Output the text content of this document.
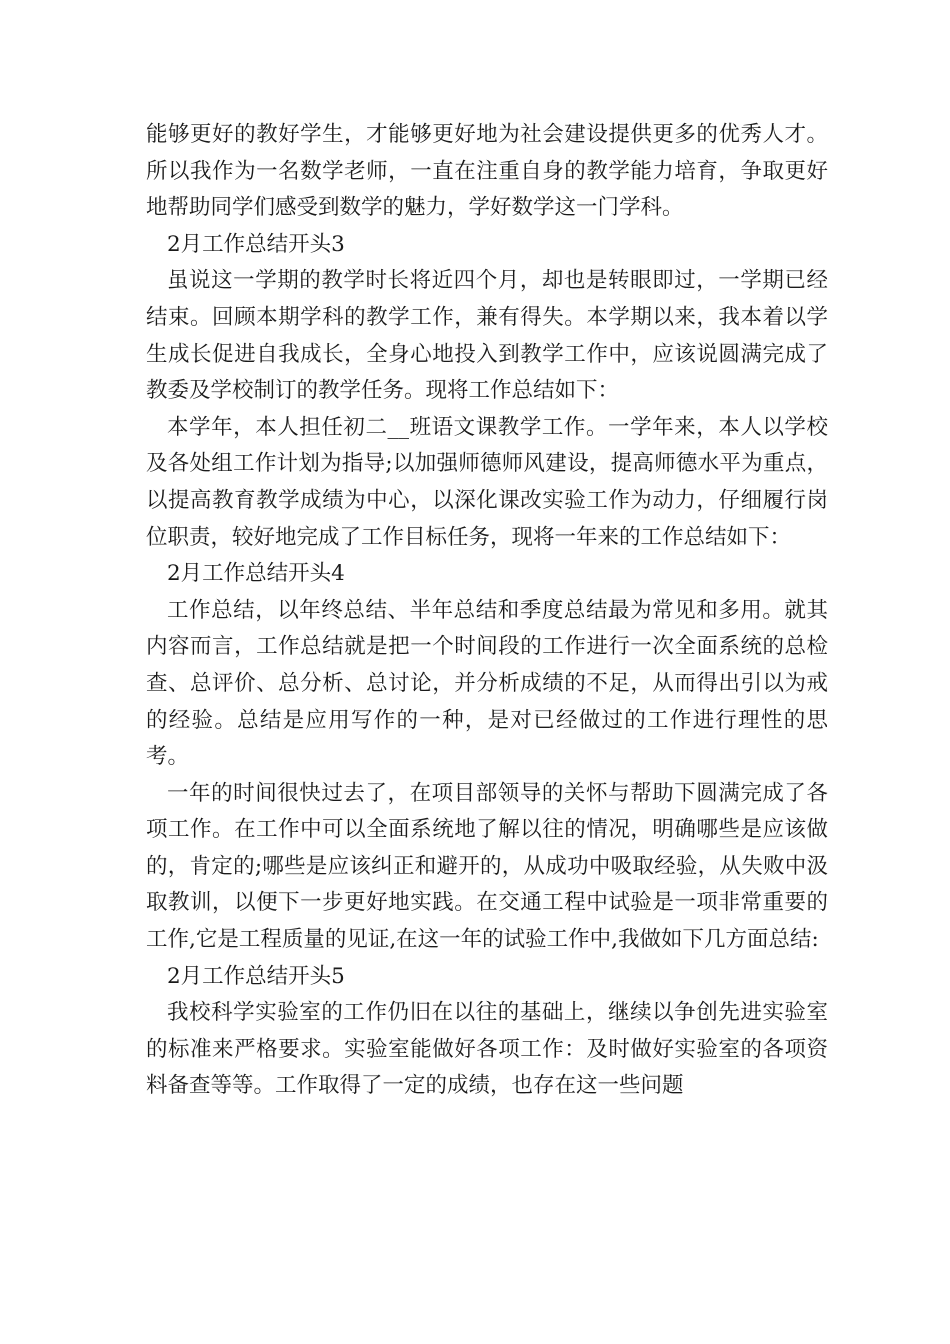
能够更好的教好学生，才能够更好地为社会建设提供更多的优秀人才。所以我作为一名数学老师，一直在注重自身的教学能力培育，争取更好地帮助同学们感受到数学的魅力，学好数学这一门学科。

2月工作总结开头3

虽说这一学期的教学时长将近四个月，却也是转眼即过，一学期已经结束。回顾本期学科的教学工作，兼有得失。本学期以来，我本着以学生成长促进自我成长，全身心地投入到教学工作中，应该说圆满完成了教委及学校制订的教学任务。现将工作总结如下：

本学年，本人担任初二__班语文课教学工作。一学年来，本人以学校及各处组工作计划为指导;以加强师德师风建设，提高师德水平为重点，以提高教育教学成绩为中心，以深化课改实验工作为动力，仔细履行岗位职责，较好地完成了工作目标任务，现将一年来的工作总结如下：

2月工作总结开头4

工作总结，以年终总结、半年总结和季度总结最为常见和多用。就其内容而言，工作总结就是把一个时间段的工作进行一次全面系统的总检查、总评价、总分析、总讨论，并分析成绩的不足，从而得出引以为戒的经验。总结是应用写作的一种，是对已经做过的工作进行理性的思考。

一年的时间很快过去了，在项目部领导的关怀与帮助下圆满完成了各项工作。在工作中可以全面系统地了解以往的情况，明确哪些是应该做的，肯定的;哪些是应该纠正和避开的，从成功中吸取经验，从失败中汲取教训，以便下一步更好地实践。在交通工程中试验是一项非常重要的工作,它是工程质量的见证,在这一年的试验工作中,我做如下几方面总结:

2月工作总结开头5

我校科学实验室的工作仍旧在以往的基础上，继续以争创先进实验室的标准来严格要求。实验室能做好各项工作：及时做好实验室的各项资料备查等等。工作取得了一定的成绩，也存在这一些问题
